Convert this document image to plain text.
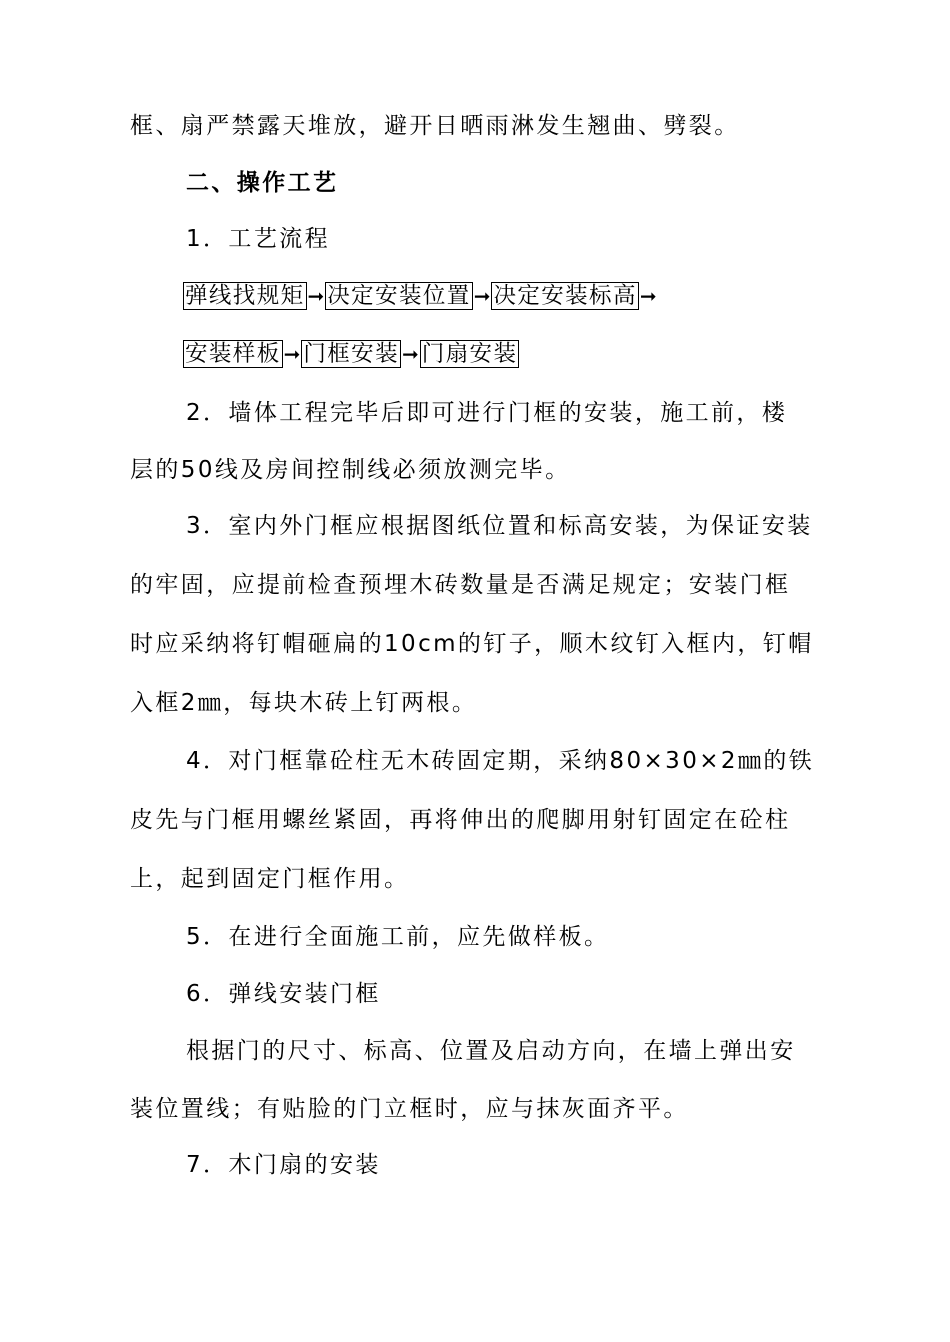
框、扇严禁露天堆放，避开日晒雨淋发生翘曲、劈裂。
二、操作工艺
1．工艺流程
弹线找规矩 ➞ 决定安装位置 ➞ 决定安装标高 ➞
安装样板 ➞ 门框安装 ➞ 门扇安装
2．墙体工程完毕后即可进行门框的安装，施工前，楼
层的50线及房间控制线必须放测完毕。
3．室内外门框应根据图纸位置和标高安装，为保证安装
的牢固，应提前检查预埋木砖数量是否满足规定；安装门框
时应采纳将钉帽砸扁的10cm的钉子，顺木纹钉入框内，钉帽
入框2㎜，每块木砖上钉两根。
4．对门框靠砼柱无木砖固定期，采纳80×30×2㎜的铁
皮先与门框用螺丝紧固，再将伸出的爬脚用射钉固定在砼柱
上，起到固定门框作用。
5．在进行全面施工前，应先做样板。
6．弹线安装门框
根据门的尺寸、标高、位置及启动方向，在墙上弹出安
装位置线；有贴脸的门立框时，应与抹灰面齐平。
7．木门扇的安装
